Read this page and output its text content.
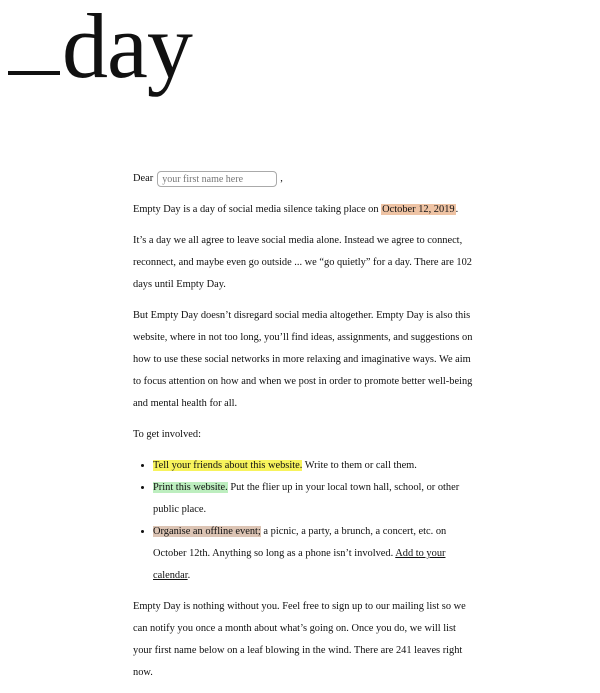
day
Dear
your first name here	,

Empty Day is a day of social media silence taking place on October 12, 2019.

It’s a day we all agree to leave social media alone. Instead we agree to connect, reconnect, and maybe even go outside ... we “go quietly” for a day. There are 102 days until Empty Day.

But Empty Day doesn’t disregard social media altogether. Empty Day is also this website, where in not too long, you’ll find ideas, assignments, and suggestions on how to use these social networks in more relaxing and imaginative ways. We aim to focus attention on how and when we post in order to promote better well-being and mental health for all.

To get involved:

• Tell your friends about this website. Write to them or call them.
• Print this website. Put the flier up in your local town hall, school, or other public place.
• Organise an offline event; a picnic, a party, a brunch, a concert, etc. on October 12th. Anything so long as a phone isn’t involved. Add to your calendar.

Empty Day is nothing without you. Feel free to sign up to our mailing list so we can notify you once a month about what’s going on. Once you do, we will list your first name below on a leaf blowing in the wind. There are 241 leaves right now.
